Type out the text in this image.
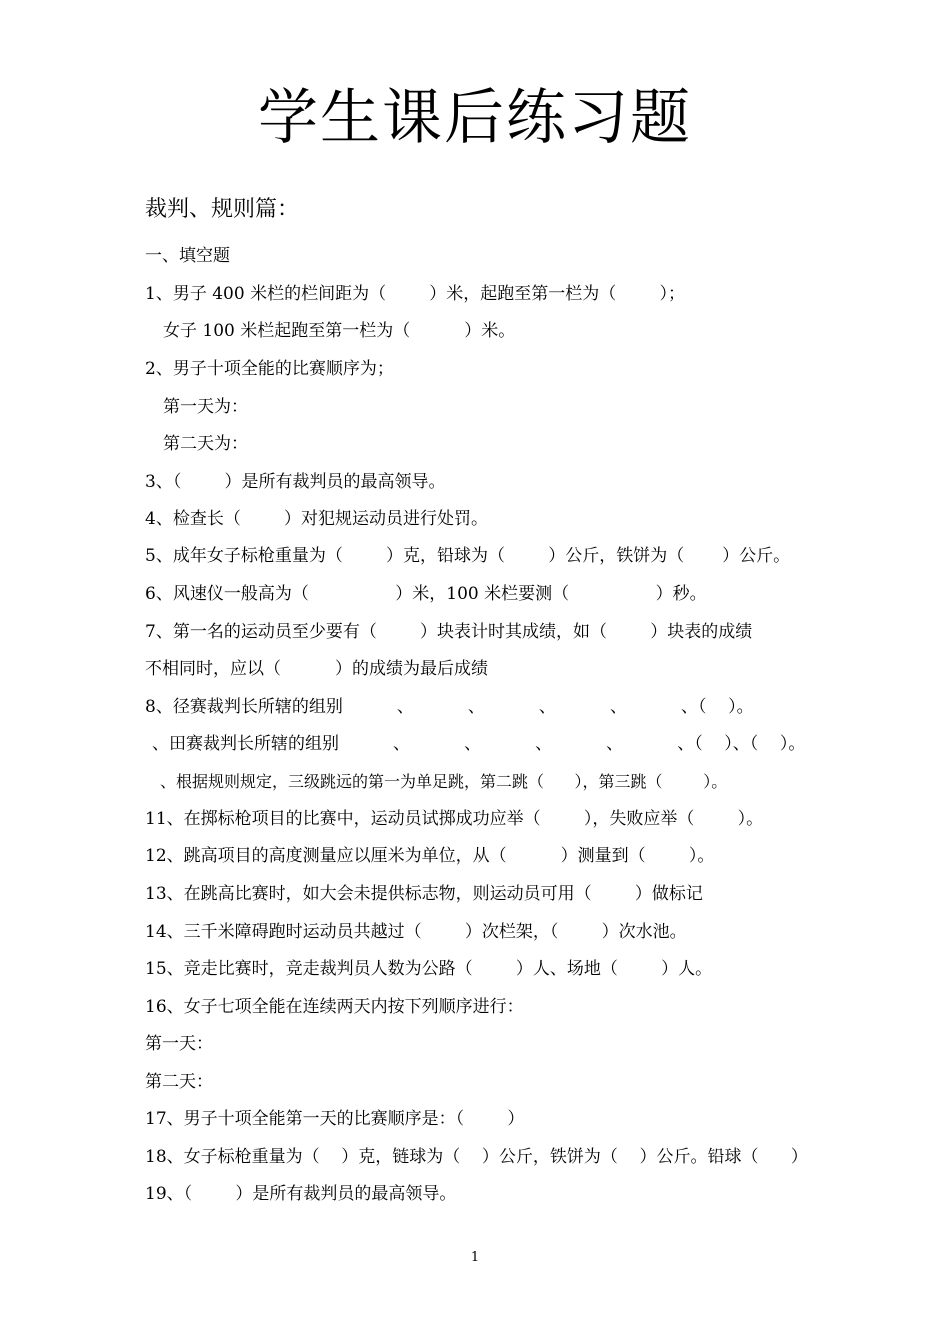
学生课后练习题
裁判、规则篇：
一、填空题
1、男子 400 米栏的栏间距为（        ）米，起跑至第一栏为（        ）；
女子 100 米栏起跑至第一栏为（          ）米。
2、男子十项全能的比赛顺序为；
第一天为：
第二天为：
3、（        ）是所有裁判员的最高领导。
4、检查长（        ）对犯规运动员进行处罚。
5、成年女子标枪重量为（        ）克，铅球为（        ）公斤，铁饼为（       ）公斤。
6、风速仪一般高为（                ）米，100 米栏要测（                ）秒。
7、第一名的运动员至少要有（        ）块表计时其成绩，如（        ）块表的成绩
不相同时，应以（          ）的成绩为最后成绩
8、径赛裁判长所辖的组别          、          、          、          、          、（    ）。
、田赛裁判长所辖的组别          、          、          、          、          、（    ）、（    ）。
、根据规则规定，三级跳远的第一为单足跳，第二跳（      ），第三跳（        ）。
11、在掷标枪项目的比赛中，运动员试掷成功应举（        ），失败应举（        ）。
12、跳高项目的高度测量应以厘米为单位，从（          ）测量到（        ）。
13、在跳高比赛时，如大会未提供标志物，则运动员可用（        ）做标记
14、三千米障碍跑时运动员共越过（        ）次栏架，（        ）次水池。
15、竞走比赛时，竞走裁判员人数为公路（        ）人、场地（        ）人。
16、女子七项全能在连续两天内按下列顺序进行：
第一天：
第二天：
17、男子十项全能第一天的比赛顺序是：（        ）
18、女子标枪重量为（    ）克，链球为（    ）公斤，铁饼为（    ）公斤。铅球（      ）
19、（        ）是所有裁判员的最高领导。
1
